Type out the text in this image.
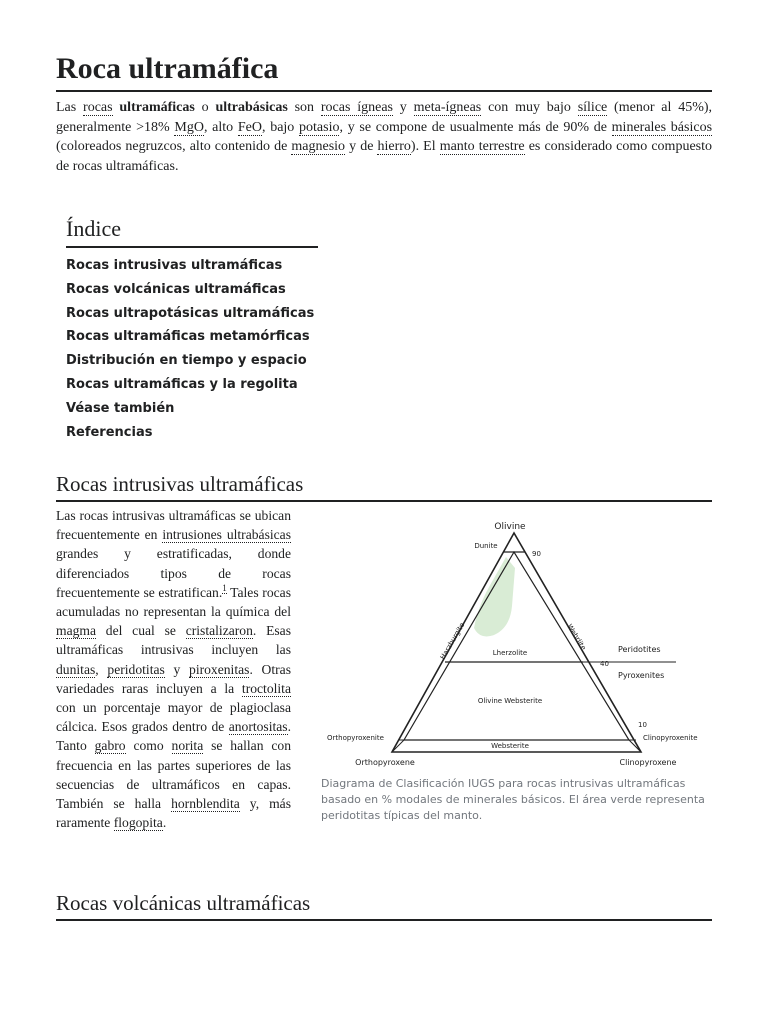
Roca ultramáfica

Las rocas ultramáficas o ultrabásicas son rocas ígneas y meta-ígneas con muy bajo sílice (menor al 45%), generalmente >18% MgO, alto FeO, bajo potasio, y se compone de usualmente más de 90% de minerales básicos (coloreados negruzcos, alto contenido de magnesio y de hierro). El manto terrestre es considerado como compuesto de rocas ultramáficas.

Índice
Rocas intrusivas ultramáficas
Rocas volcánicas ultramáficas
Rocas ultrapotásicas ultramáficas
Rocas ultramáficas metamórficas
Distribución en tiempo y espacio
Rocas ultramáficas y la regolita
Véase también
Referencias
Rocas intrusivas ultramáficas

Las rocas intrusivas ultramáficas se ubican frecuentemente en intrusiones ultrabásicas grandes y estratificadas, donde diferenciados tipos de rocas frecuentemente se estratifican.$^1$ Tales rocas acumuladas no representan la química del magma del cual se cristalizaron. Esas ultramáficas intrusivas incluyen las dunitas, peridotitas y piroxenitas. Otras variedades raras incluyen a la troctolita con un porcentaje mayor de plagioclasa cálcica. Esos grados dentro de anortositas. Tanto gabro como norita se hallan con frecuencia en las partes superiores de las secuencias de ultramáficos en capas. También se halla hornblendita y, más raramente flogopita.

Olivine
Dunite
90
Harzburgite	Wehrlite
Lherzolite	Peridotites
40
Pyroxenites
Olivine Websterite
10
Orthopyroxenite
Websterite
Clinopyroxenite
Orthopyroxene	Clinopyroxene

Diagrama de Clasificación IUGS para rocas intrusivas ultramáficas basado en % modales de minerales básicos. El área verde representa peridotitas típicas del manto.

Rocas volcánicas ultramáficas
